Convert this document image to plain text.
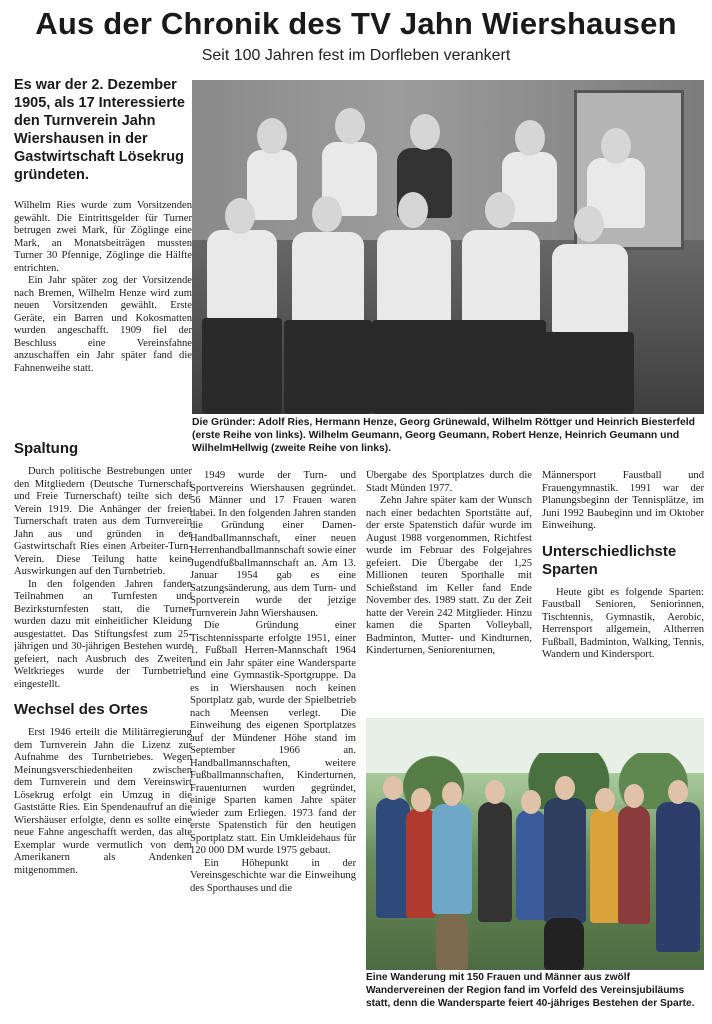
Aus der Chronik des TV Jahn Wiershausen
Seit 100 Jahren fest im Dorfleben verankert
Es war der 2. Dezember 1905, als 17 Interessierte den Turnverein Jahn Wiershausen in der Gastwirtschaft Lösekrug gründeten.

Wilhelm Ries wurde zum Vorsitzenden gewählt. Die Eintrittsgelder für Turner betrugen zwei Mark, für Zöglinge eine Mark, an Monatsbeiträgen mussten Turner 30 Pfennige, Zöglinge die Hälfte entrichten.

Ein Jahr später zog der Vorsitzende nach Bremen, Wilhelm Henze wird zum neuen Vorsitzenden gewählt. Erste Geräte, ein Barren und Kokosmatten wurden angeschafft. 1909 fiel der Beschluss eine Vereinsfahne anzuschaffen ein Jahr später fand die Fahnenweihe statt.

Spaltung

Durch politische Bestrebungen unter den Mitgliedern (Deutsche Turnerschaft und Freie Turnerschaft) teilte sich der Verein 1919. Die Anhänger der freien Turnerschaft traten aus dem Turnverein Jahn aus und gründen in der Gastwirtschaft Ries einen Arbeiter-Turn-Verein. Diese Teilung hatte keine Auswirkungen auf den Turnbetrieb.

In den folgenden Jahren fanden Teilnahmen an Turnfesten und Bezirksturnfesten statt, die Turner wurden dazu mit einheitlicher Kleidung ausgestattet. Das Stiftungsfest zum 25-jährigen und 30-jährigen Bestehen wurde gefeiert, nach Ausbruch des Zweiten Weltkrieges wurde der Turnbetrieb eingestellt.

Wechsel des Ortes

Erst 1946 erteilt die Militärregierung dem Turnverein Jahn die Lizenz zur Aufnahme des Turnbetriebes. Wegen Meinungsverschiedenheiten zwischen dem Turnverein und dem Vereinswirt Lösekrug erfolgt ein Umzug in die Gaststätte Ries. Ein Spendenaufruf an die Wiershäuser erfolgte, denn es sollte eine neue Fahne angeschafft werden, das alte Exemplar wurde vermutlich von dem Amerikanern als Andenken mitgenommen.

Die Gründer: Adolf Ries, Hermann Henze, Georg Grünewald, Wilhelm Röttger und Heinrich Biesterfeld (erste Reihe von links). Wilhelm Geumann, Georg Geumann, Robert Henze, Heinrich Geumann und WilhelmHellwig (zweite Reihe von links).

1949 wurde der Turn- und Sportvereins Wiershausen gegründet. 56 Männer und 17 Frauen waren dabei. In den folgenden Jahren standen die Gründung einer Damen-Handballmannschaft, einer neuen Herrenhandballmannschaft sowie einer Jugendfußballmannschaft an. Am 13. Januar 1954 gab es eine Satzungsänderung, aus dem Turn- und Sportverein wurde der jetzige Turnverein Jahn Wiershausen.

Die Gründung einer Tischtennissparte erfolgte 1951, einer 1. Fußball Herren-Mannschaft 1964 und ein Jahr später eine Wandersparte und eine Gymnastik-Sportgruppe. Da es in Wiershausen noch keinen Sportplatz gab, wurde der Spielbetrieb nach Meensen verlegt. Die Einweihung des eigenen Sportplatzes auf der Mündener Höhe stand im September 1966 an. Handballmannschaften, weitere Fußballmannschaften, Kinderturnen, Frauenturnen wurden gegründet, einige Sparten kamen Jahre später wieder zum Erliegen. 1973 fand der erste Spatenstich für den heutigen Sportplatz statt. Ein Umkleidehaus für 120 000 DM wurde 1975 gebaut.

Ein Höhepunkt in der Vereinsgeschichte war die Einweihung des Sporthauses und die

Übergabe des Sportplatzes durch die Stadt Münden 1977.

Zehn Jahre später kam der Wunsch nach einer bedachten Sportstätte auf, der erste Spatenstich dafür wurde im August 1988 vorgenommen, Richtfest wurde im Februar des Folgejahres gefeiert. Die Übergabe der 1,25 Millionen teuren Sporthalle mit Schießstand im Keller fand Ende November des. 1989 statt. Zu der Zeit hatte der Verein 242 Mitglieder. Hinzu kamen die Sparten Volleyball, Badminton, Mutter- und Kindturnen, Kinderturnen, Seniorenturnen,

Männersport Faustball und Frauengymnastik. 1991 war der Planungsbeginn der Tennisplätze, im Juni 1992 Baubeginn und im Oktober Einweihung.

Unterschiedlichste Sparten

Heute gibt es folgende Sparten: Faustball Senioren, Seniorinnen, Tischtennis, Gymnastik, Aerobic, Herrensport allgemein, Altherren Fußball, Badminton, Walking, Tennis, Wandern und Kindersport.

Eine Wanderung mit 150 Frauen und Männer aus zwölf Wandervereinen der Region fand im Vorfeld des Vereinsjubiläums statt, denn die Wandersparte feiert 40-jähriges Bestehen der Sparte.
